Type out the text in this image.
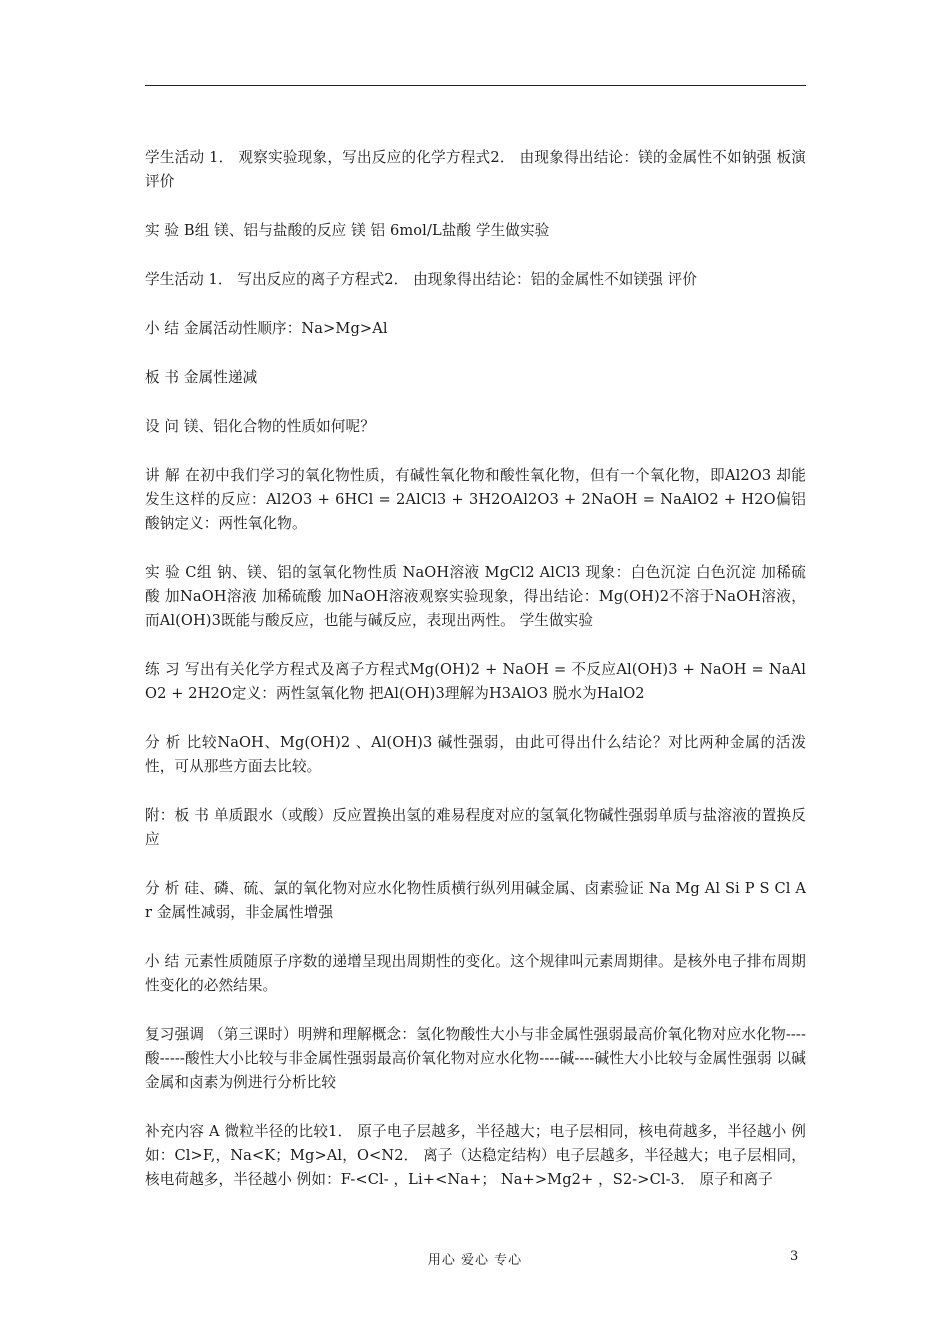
学生活动 1． 观察实验现象，写出反应的化学方程式2． 由现象得出结论：镁的金属性不如钠强 板演评价

实 验 B组 镁、铝与盐酸的反应 镁 铝 6mol/L盐酸 学生做实验

学生活动 1． 写出反应的离子方程式2． 由现象得出结论：铝的金属性不如镁强 评价

小 结 金属活动性顺序：Na>Mg>Al

板 书 金属性递减

设 问 镁、铝化合物的性质如何呢？

讲 解 在初中我们学习的氧化物性质，有碱性氧化物和酸性氧化物，但有一个氧化物，即Al2O3 却能发生这样的反应：Al2O3 + 6HCl = 2AlCl3 + 3H2OAl2O3 + 2NaOH = NaAlO2 + H2O偏铝酸钠定义：两性氧化物。

实 验 C组 钠、镁、铝的氢氧化物性质 NaOH溶液 MgCl2 AlCl3 现象：白色沉淀 白色沉淀 加稀硫酸 加NaOH溶液 加稀硫酸 加NaOH溶液观察实验现象，得出结论：Mg(OH)2不溶于NaOH溶液，而Al(OH)3既能与酸反应，也能与碱反应，表现出两性。 学生做实验

练 习 写出有关化学方程式及离子方程式Mg(OH)2 + NaOH = 不反应Al(OH)3 + NaOH = NaAlO2 + 2H2O定义：两性氢氧化物 把Al(OH)3理解为H3AlO3 脱水为HalO2

分 析 比较NaOH、Mg(OH)2 、Al(OH)3 碱性强弱，由此可得出什么结论？对比两种金属的活泼性，可从那些方面去比较。

附：板 书 单质跟水（或酸）反应置换出氢的难易程度对应的氢氧化物碱性强弱单质与盐溶液的置换反应

分 析 硅、磷、硫、氯的氧化物对应水化物性质横行纵列用碱金属、卤素验证 Na Mg Al Si P S Cl Ar 金属性减弱，非金属性增强

小 结 元素性质随原子序数的递增呈现出周期性的变化。这个规律叫元素周期律。是核外电子排布周期性变化的必然结果。

复习强调 （第三课时）明辨和理解概念：氢化物酸性大小与非金属性强弱最高价氧化物对应水化物----酸-----酸性大小比较与非金属性强弱最高价氧化物对应水化物----碱----碱性大小比较与金属性强弱 以碱金属和卤素为例进行分析比较

补充内容 A 微粒半径的比较1． 原子电子层越多，半径越大；电子层相同，核电荷越多，半径越小 例如：Cl>F,，Na<K；Mg>Al，O<N2． 离子（达稳定结构）电子层越多，半径越大；电子层相同，核电荷越多，半径越小 例如：F-<Cl- ，Li+<Na+； Na+>Mg2+ ，S2->Cl-3． 原子和离子

用心 爱心 专心	3
